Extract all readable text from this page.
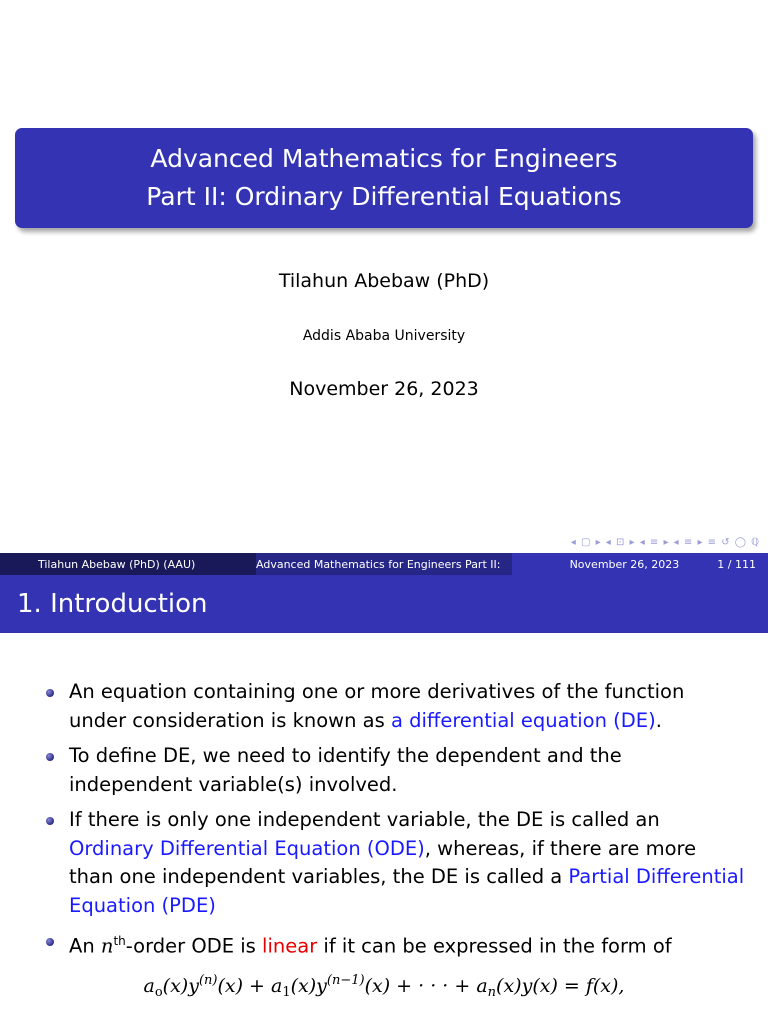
Advanced Mathematics for Engineers
Part II: Ordinary Differential Equations
Tilahun Abebaw (PhD)
Addis Ababa University
November 26, 2023
◂ ▢ ▸ ◂ ⊡ ▸ ◂ ≡ ▸ ◂ ≡ ▸ ≡ ↺ ◯ ℚ
Tilahun Abebaw (PhD) (AAU)	Advanced Mathematics for Engineers Part II:	November 26, 2023	1 / 111
1. Introduction
An equation containing one or more derivatives of the function under consideration is known as a differential equation (DE).
To define DE, we need to identify the dependent and the independent variable(s) involved.
If there is only one independent variable, the DE is called an Ordinary Differential Equation (ODE), whereas, if there are more than one independent variables, the DE is called a Partial Differential Equation (PDE)
An $n^{th}$-order ODE is linear if it can be expressed in the form of
$a_o(x)y^{(n)}(x) + a_1(x)y^{(n-1)}(x)$ + · · · + $a_n(x)y(x) = f(x)$,
